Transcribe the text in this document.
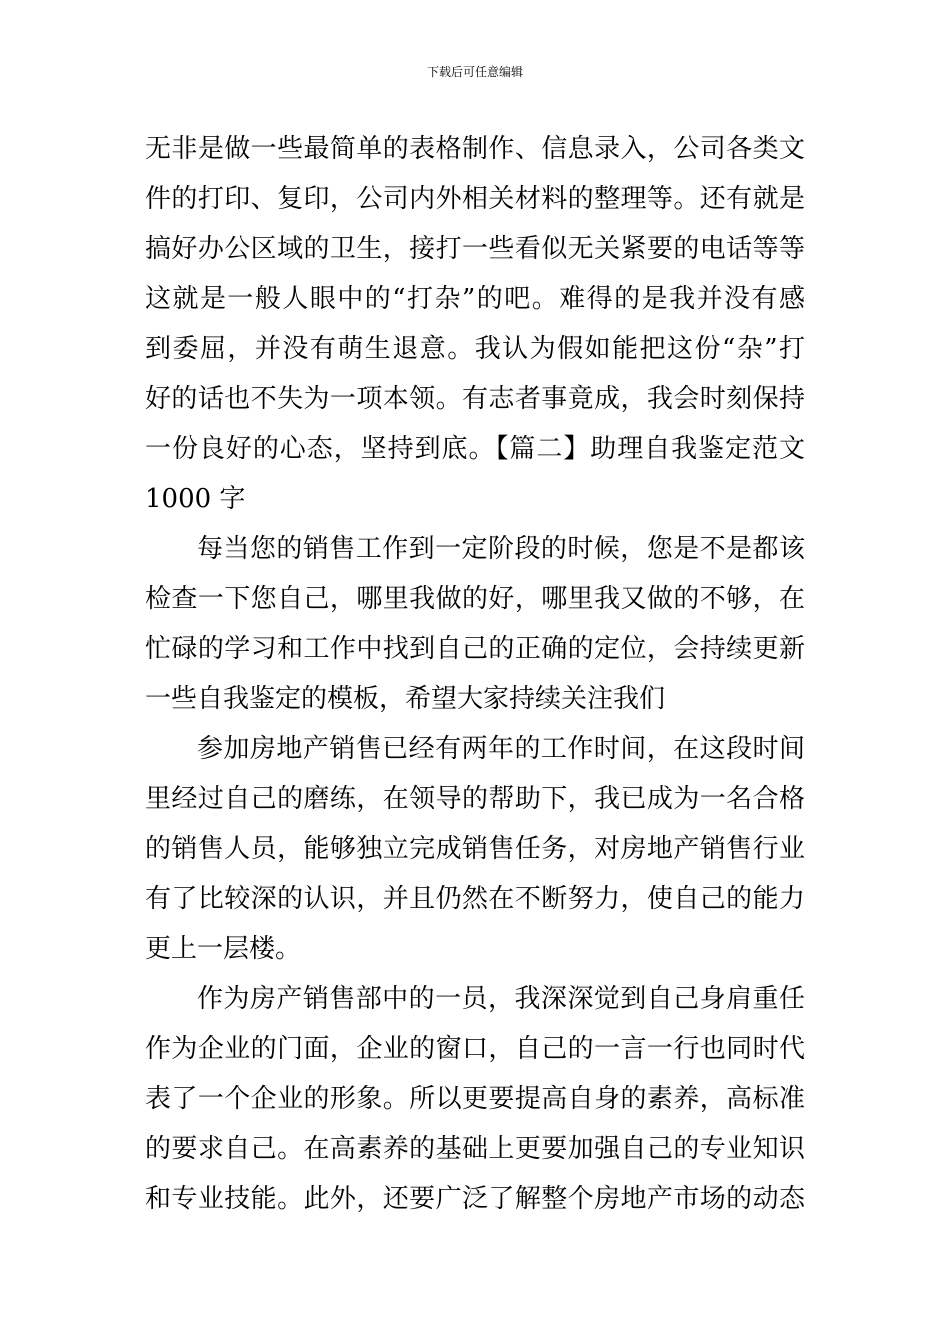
下载后可任意编辑
无非是做一些最简单的表格制作、信息录入，公司各类文
件的打印、复印，公司内外相关材料的整理等。还有就是
搞好办公区域的卫生，接打一些看似无关紧要的电话等等
这就是一般人眼中的“打杂”的吧。难得的是我并没有感
到委屈，并没有萌生退意。我认为假如能把这份“杂”打
好的话也不失为一项本领。有志者事竟成，我会时刻保持
一份良好的心态，坚持到底。【篇二】助理自我鉴定范文
1000 字
每当您的销售工作到一定阶段的时候，您是不是都该
检查一下您自己，哪里我做的好，哪里我又做的不够，在
忙碌的学习和工作中找到自己的正确的定位，会持续更新
一些自我鉴定的模板，希望大家持续关注我们
参加房地产销售已经有两年的工作时间，在这段时间
里经过自己的磨练，在领导的帮助下，我已成为一名合格
的销售人员，能够独立完成销售任务，对房地产销售行业
有了比较深的认识，并且仍然在不断努力，使自己的能力
更上一层楼。
作为房产销售部中的一员，我深深觉到自己身肩重任
作为企业的门面，企业的窗口，自己的一言一行也同时代
表了一个企业的形象。所以更要提高自身的素养，高标准
的要求自己。在高素养的基础上更要加强自己的专业知识
和专业技能。此外，还要广泛了解整个房地产市场的动态
